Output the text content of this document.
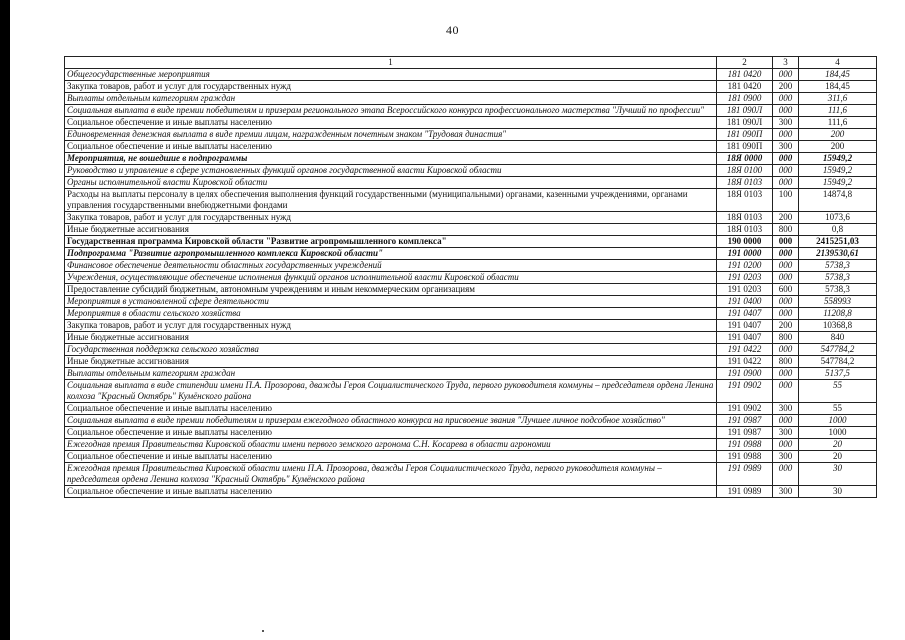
40
1	2	3	4
Общегосударственные мероприятия	181 0420	000	184,45
Закупка товаров, работ и услуг для государственных нужд	181 0420	200	184,45
Выплаты отдельным категориям граждан	181 0900	000	311,6
Социальная выплата в виде премии победителям и призерам регионального этапа Всероссийского конкурса профессионального мастерства "Лучший по профессии"	181 090Л	000	111,6
Социальное обеспечение и иные выплаты населению	181 090Л	300	111,6
Единовременная денежная выплата в виде премии лицам, награжденным почетным знаком "Трудовая династия"	181 090П	000	200
Социальное обеспечение и иные выплаты населению	181 090П	300	200
Мероприятия, не вошедшие в подпрограммы	18Я 0000	000	15949,2
Руководство и управление в сфере установленных функций органов государственной власти Кировской области	18Я 0100	000	15949,2
Органы исполнительной власти Кировской области	18Я 0103	000	15949,2
Расходы на выплаты персоналу в целях обеспечения выполнения функций государственными (муниципальными) органами, казенными учреждениями, органами управления государственными внебюджетными фондами	18Я 0103	100	14874,8
Закупка товаров, работ и услуг для государственных нужд	18Я 0103	200	1073,6
Иные бюджетные ассигнования	18Я 0103	800	0,8
Государственная программа Кировской области "Развитие агропромышленного комплекса"	190 0000	000	2415251,03
Подпрограмма "Развитие агропромышленного комплекса Кировской области"	191 0000	000	2139530,61
Финансовое обеспечение деятельности областных государственных учреждений	191 0200	000	5738,3
Учреждения, осуществляющие обеспечение исполнения функций органов исполнительной власти Кировской области	191 0203	000	5738,3
Предоставление субсидий бюджетным, автономным учреждениям и иным некоммерческим организациям	191 0203	600	5738,3
Мероприятия в установленной сфере деятельности	191 0400	000	558993
Мероприятия в области сельского хозяйства	191 0407	000	11208,8
Закупка товаров, работ и услуг для государственных нужд	191 0407	200	10368,8
Иные бюджетные ассигнования	191 0407	800	840
Государственная поддержка сельского хозяйства	191 0422	000	547784,2
Иные бюджетные ассигнования	191 0422	800	547784,2
Выплаты отдельным категориям граждан	191 0900	000	5137,5
Социальная выплата в виде стипендии имени П.А. Прозорова, дважды Героя Социалистического Труда, первого руководителя коммуны – председателя ордена Ленина колхоза "Красный Октябрь" Кумёнского района	191 0902	000	55
Социальное обеспечение и иные выплаты населению	191 0902	300	55
Социальная выплата в виде премии победителям и призерам ежегодного областного конкурса на присвоение звания "Лучшее личное подсобное хозяйство"	191 0987	000	1000
Социальное обеспечение и иные выплаты населению	191 0987	300	1000
Ежегодная премия Правительства Кировской области имени первого земского агронома С.Н. Косарева в области агрономии	191 0988	000	20
Социальное обеспечение и иные выплаты населению	191 0988	300	20
Ежегодная премия Правительства Кировской области имени П.А. Прозорова, дважды Героя Социалистического Труда, первого руководителя коммуны – председателя ордена Ленина колхоза "Красный Октябрь" Кумёнского района	191 0989	000	30
Социальное обеспечение и иные выплаты населению	191 0989	300	30
